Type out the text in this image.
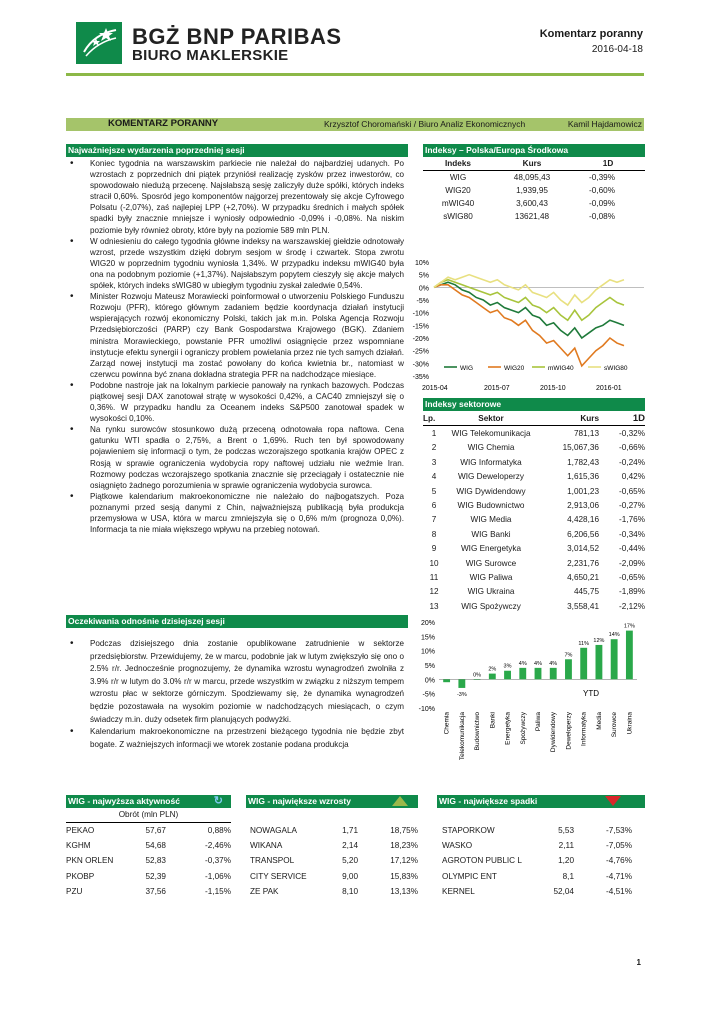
BGŻ BNP PARIBAS
BIURO MAKLERSKIE
Komentarz poranny
2016-04-18
KOMENTARZ PORANNY	Krzysztof Choromański / Biuro Analiz Ekonomicznych	Kamil Hajdamowicz
Najważniejsze wydarzenia poprzedniej sesji
• Koniec tygodnia na warszawskim parkiecie nie należał do najbardziej udanych. Po wzrostach z poprzednich dni piątek przyniósł realizację zysków przez inwestorów, co spowodowało niedużą przecenę. Najsłabszą sesję zaliczyły duże spółki, których indeks stracił 0,60%. Sposród jego komponentów najgorzej prezentowały się akcje Cyfrowego Polsatu (-2,07%), zaś najlepiej LPP (+2,70%). W przypadku średnich i małych spółek spadki były znacznie mniejsze i wyniosły odpowiednio -0,09% i -0,08%. Na niskim poziomie były również obroty, które były na poziomie 589 mln PLN.
• W odniesieniu do całego tygodnia główne indeksy na warszawskiej giełdzie odnotowały wzrost, przede wszystkim dzięki dobrym sesjom w środę i czwartek. Stopa zwrotu WIG20 w poprzednim tygodniu wyniosła 1,34%. W przypadku indeksu mWIG40 była ona na podobnym poziomie (+1,37%). Najsłabszym popytem cieszyły się akcje małych spółek, których indeks sWIG80 w ubiegłym tygodniu zyskał zaledwie 0,54%.
• Minister Rozwoju Mateusz Morawiecki poinformował o utworzeniu Polskiego Funduszu Rozwoju (PFR), którego głównym zadaniem będzie koordynacja działań instytucji wspierających rozwój ekonomiczny Polski, takich jak m.in. Polska Agencja Rozwoju Przedsiębiorczości (PARP) czy Bank Gospodarstwa Krajowego (BGK). Zdaniem ministra Morawieckiego, powstanie PFR umożliwi osiągnięcie przez wspomniane instytucje efektu synergii i ograniczy problem powielania przez nie tych samych działań. Zarząd nowej instytucji ma zostać powołany do końca kwietnia br., natomiast w czerwcu powinna być znana dokładna strategia PFR na nadchodzące miesiące.
• Podobne nastroje jak na lokalnym parkiecie panowały na rynkach bazowych. Podczas piątkowej sesji DAX zanotował strątę w wysokości 0,42%, a CAC40 zmniejszył się o 0,36%. W przypadku handlu za Oceanem indeks S&P500 zanotował spadek w wysokości 0,10%.
• Na rynku surowców stosunkowo dużą przeceną odnotowała ropa naftowa. Cena gatunku WTI spadła o 2,75%, a Brent o 1,69%. Ruch ten był spowodowany pojawieniem się informacji o tym, że podczas wczorajszego spotkania krajów OPEC z Rosją w sprawie ograniczenia wydobycia ropy naftowej udziału nie weźmie Iran. Rozmowy podczas wczorajszego spotkania znacznie się przeciągały i ostatecznie nie osiągnięto żadnego porozumienia w sprawie ograniczenia wydobycia surowca.
• Piątkowe kalendarium makroekonomiczne nie należało do najbogatszych. Poza poznanymi przed sesją danymi z Chin, najważniejszą publikacją była produkcja przemysłowa w USA, która w marcu zmniejszyła się o 0,6% m/m (prognoza 0,0%). Informacja ta nie miała większego wpływu na przebieg notowań.
Oczekiwania odnośnie dzisiejszej sesji
• Podczas dzisiejszego dnia zostanie opublikowane zatrudnienie w sektorze przedsiębiorstw. Przewidujemy, że w marcu, podobnie jak w lutym zwiększyło się ono o 2.5% r/r. Jednocześnie prognozujemy, że dynamika wzrostu wynagrodzeń zwolniła z 3.9% r/r w lutym do 3.0% r/r w marcu, przede wszystkim w związku z niższym tempem wzrostu płac w sektorze górniczym. Spodziewamy się, że dynamika wynagrodzeń będzie pozostawała na wysokim poziomie w nadchodzących miesiącach, o czym świadczy m.in. duży odsetek firm planujących podwyżki.
• Kalendarium makroekonomiczne na przestrzeni bieżącego tygodnia nie będzie zbyt bogate. Z ważniejszych informacji we wtorek zostanie podana produkcja
Indeksy – Polska/Europa Środkowa
Indeks	Kurs	1D
WIG	48,095,43	-0,39%
WIG20	1,939,95	-0,60%
mWIG40	3,600,43	-0,09%
sWIG80	13621,48	-0,08%
10%
5%
0%
-5%
-10%
-15%
-20%
-25%
-30%
-35%
2015-04	2015-07	2015-10	2016-01
WIG	WIG20	mWIG40	sWIG80
Indeksy sektorowe
Lp.	Sektor	Kurs	1D
1	WIG Telekomunikacja	781,13	-0,32%
2	WIG Chemia	15,067,36	-0,66%
3	WIG Informatyka	1,782,43	-0,24%
4	WIG Deweloperzy	1,615,36	0,42%
5	WIG Dywidendowy	1,001,23	-0,65%
6	WIG Budownictwo	2,913,06	-0,27%
7	WIG Media	4,428,16	-1,76%
8	WIG Banki	6,206,56	-0,34%
9	WIG Energetyka	3,014,52	-0,44%
10	WIG Surowce	2,231,76	-2,09%
11	WIG Paliwa	4,650,21	-0,65%
12	WIG Ukraina	445,75	-1,89%
13	WIG Spożywczy	3,558,41	-2,12%
20%
15%
10%
5%
0%
-5%
-10%
Chemia
-3%
Telekomunikacja
0%
Budownictwo
2%
Banki
3%
Energetyka
4%
Spożywczy
4%
Paliwa
4%
Dywidendowy
7%
Deweloperzy
11%
Informatyka
12%
Media
14%
Surowce
17%
Ukraina
YTD
WIG - najwyższa aktywność	↻	WIG - największe wzrosty	WIG - największe spadki
Obrót (mln PLN)
PEKAO	57,67	0,88%
KGHM	54,68	-2,46%
PKN ORLEN	52,83	-0,37%
PKOBP	52,39	-1,06%
PZU	37,56	-1,15%
NOWAGALA	1,71	18,75%
WIKANA	2,14	18,23%
TRANSPOL	5,20	17,12%
CITY SERVICE	9,00	15,83%
ZE PAK	8,10	13,13%
STAPORKOW	5,53	-7,53%
WASKO	2,11	-7,05%
AGROTON PUBLIC L	1,20	-4,76%
OLYMPIC ENT	8,1	-4,71%
KERNEL	52,04	-4,51%
1
